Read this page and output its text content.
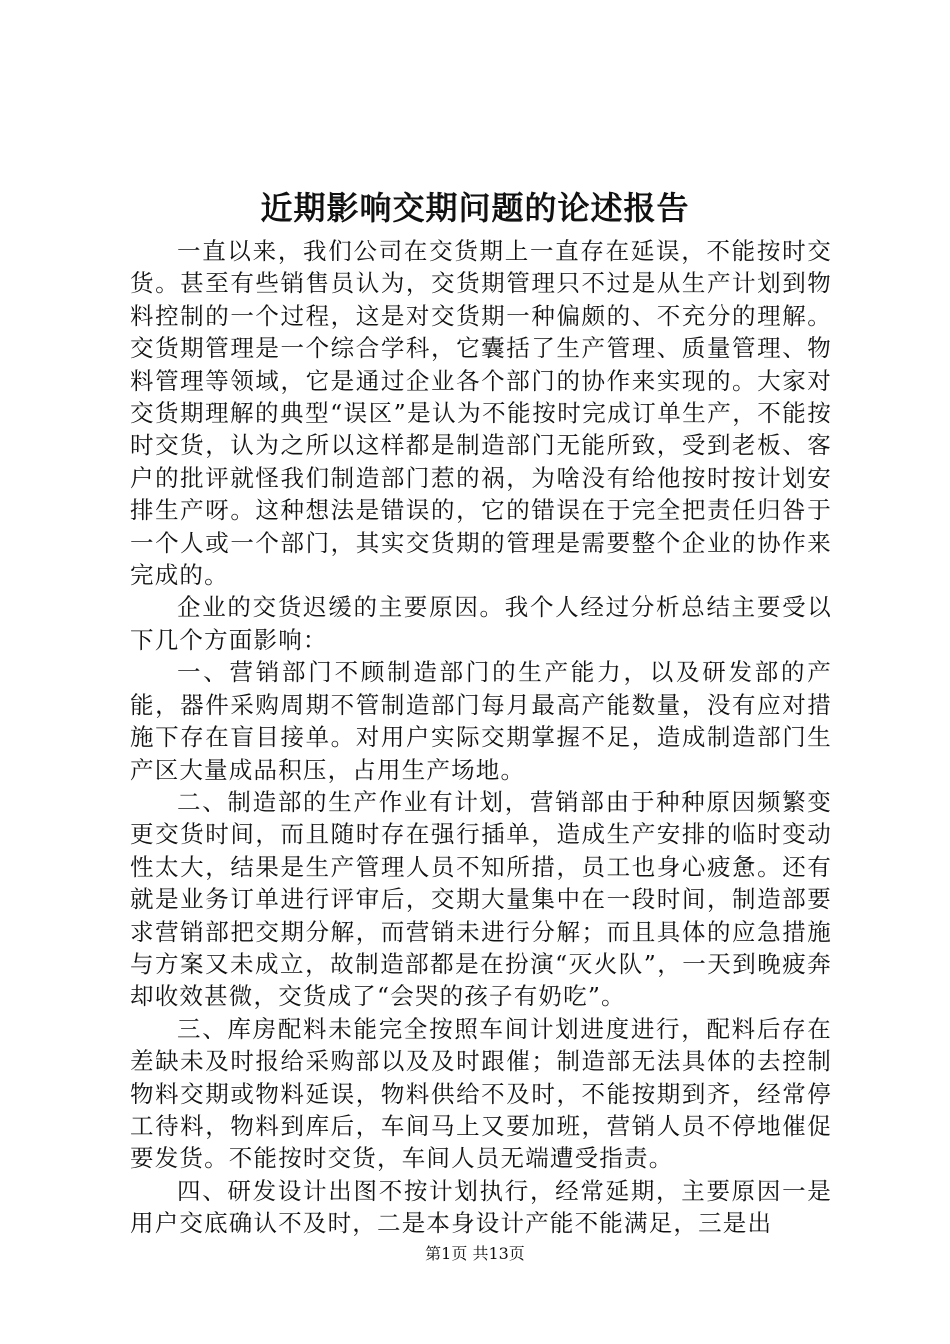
近期影响交期问题的论述报告

一直以来，我们公司在交货期上一直存在延误，不能按时交货。甚至有些销售员认为，交货期管理只不过是从生产计划到物料控制的一个过程，这是对交货期一种偏颇的、不充分的理解。交货期管理是一个综合学科，它囊括了生产管理、质量管理、物料管理等领域，它是通过企业各个部门的协作来实现的。大家对交货期理解的典型“误区”是认为不能按时完成订单生产，不能按时交货，认为之所以这样都是制造部门无能所致，受到老板、客户的批评就怪我们制造部门惹的祸，为啥没有给他按时按计划安排生产呀。这种想法是错误的，它的错误在于完全把责任归咎于一个人或一个部门，其实交货期的管理是需要整个企业的协作来完成的。

企业的交货迟缓的主要原因。我个人经过分析总结主要受以下几个方面影响：

一、营销部门不顾制造部门的生产能力，以及研发部的产能，器件采购周期不管制造部门每月最高产能数量，没有应对措施下存在盲目接单。对用户实际交期掌握不足，造成制造部门生产区大量成品积压，占用生产场地。

二、制造部的生产作业有计划，营销部由于种种原因频繁变更交货时间，而且随时存在强行插单，造成生产安排的临时变动性太大，结果是生产管理人员不知所措，员工也身心疲惫。还有就是业务订单进行评审后，交期大量集中在一段时间，制造部要求营销部把交期分解，而营销未进行分解；而且具体的应急措施与方案又未成立，故制造部都是在扮演“灭火队”，一天到晚疲奔却收效甚微，交货成了“会哭的孩子有奶吃”。

三、库房配料未能完全按照车间计划进度进行，配料后存在差缺未及时报给采购部以及及时跟催；制造部无法具体的去控制物料交期或物料延误，物料供给不及时，不能按期到齐，经常停工待料，物料到库后，车间马上又要加班，营销人员不停地催促要发货。不能按时交货，车间人员无端遭受指责。

四、研发设计出图不按计划执行，经常延期，主要原因一是用户交底确认不及时，二是本身设计产能不能满足，三是出

第1页 共13页
